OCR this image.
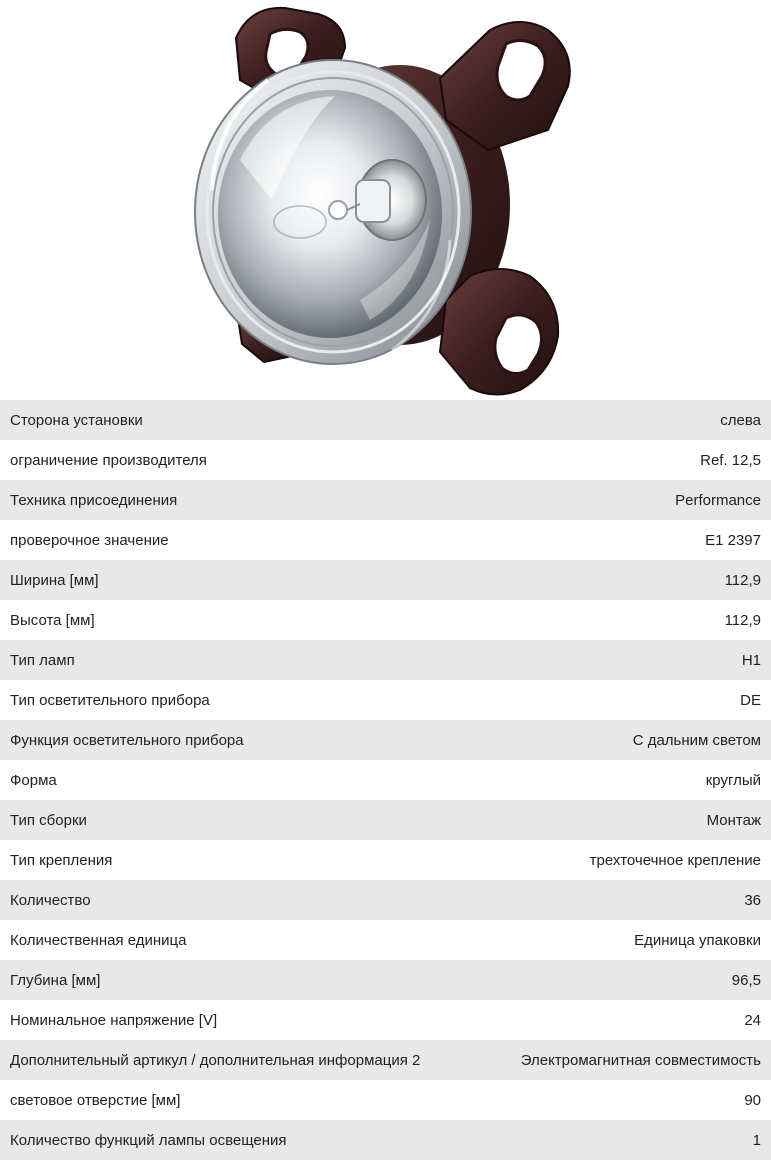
Сторона установки	слева
ограничение производителя	Ref. 12,5
Техника присоединения	Performance
проверочное значение	E1 2397
Ширина [мм]	112,9
Высота [мм]	112,9
Тип ламп	H1
Тип осветительного прибора	DE
Функция осветительного прибора	С дальним светом
Форма	круглый
Тип сборки	Монтаж
Тип крепления	трехточечное крепление
Количество	36
Количественная единица	Единица упаковки
Глубина [мм]	96,5
Номинальное напряжение [V]	24
Дополнительный артикул / дополнительная информация 2	Электромагнитная совместимость
световое отверстие [мм]	90
Количество функций лампы освещения	1
